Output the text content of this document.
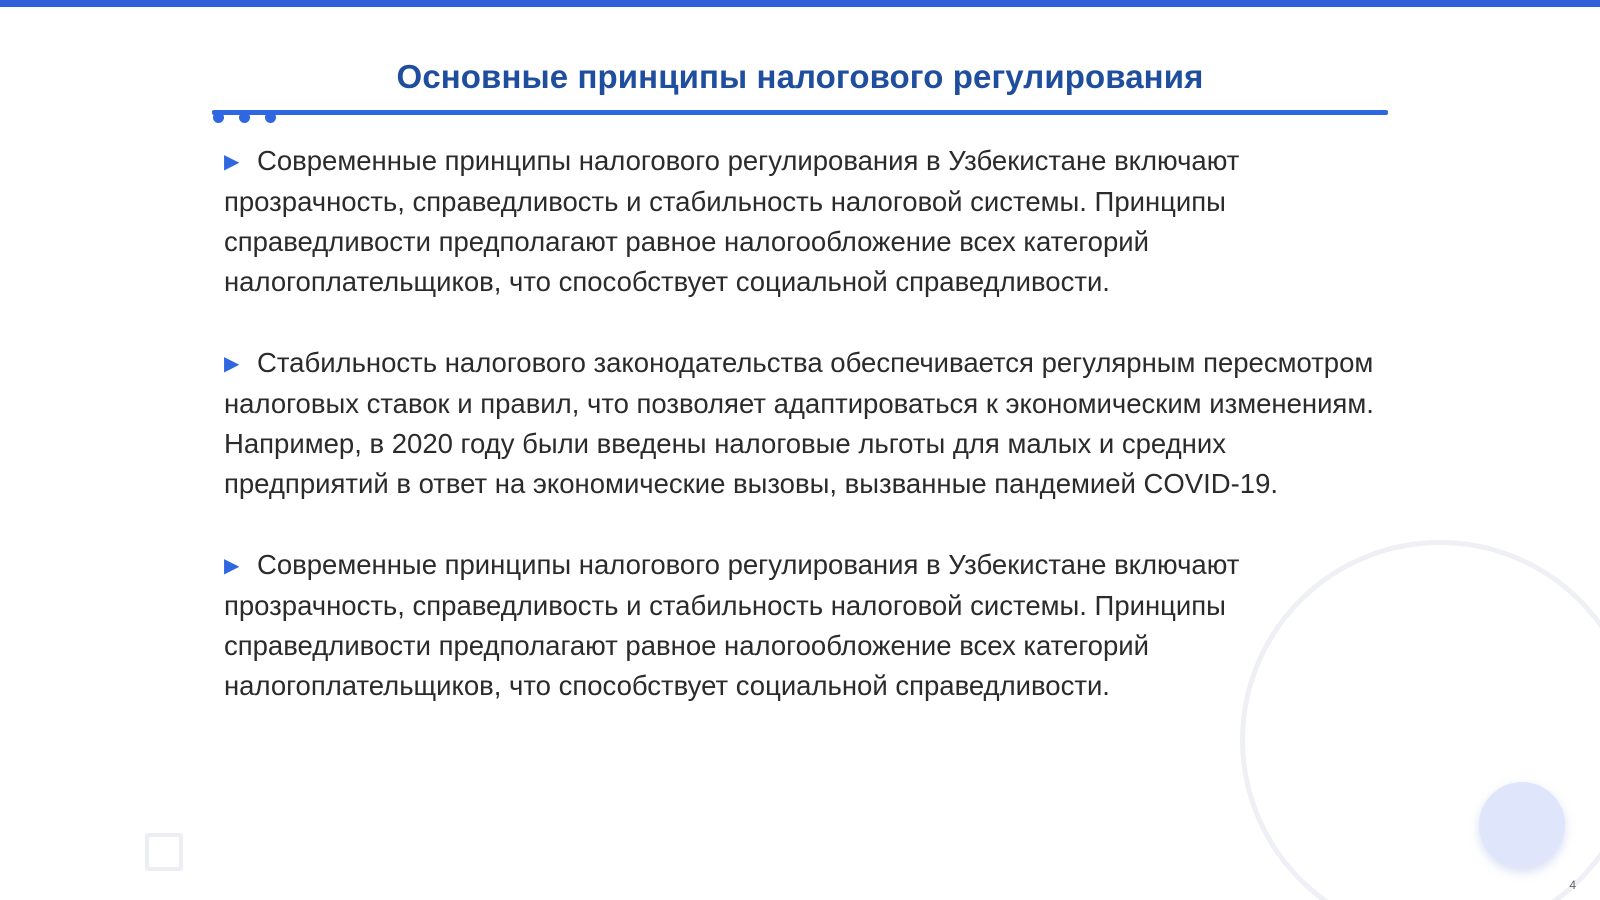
Основные принципы налогового регулирования

▶ Современные принципы налогового регулирования в Узбекистане включают прозрачность, справедливость и стабильность налоговой системы. Принципы справедливости предполагают равное налогообложение всех категорий налогоплательщиков, что способствует социальной справедливости.

▶ Стабильность налогового законодательства обеспечивается регулярным пересмотром налоговых ставок и правил, что позволяет адаптироваться к экономическим изменениям. Например, в 2020 году были введены налоговые льготы для малых и средних предприятий в ответ на экономические вызовы, вызванные пандемией COVID-19.

▶ Современные принципы налогового регулирования в Узбекистане включают прозрачность, справедливость и стабильность налоговой системы. Принципы справедливости предполагают равное налогообложение всех категорий налогоплательщиков, что способствует социальной справедливости.

4
